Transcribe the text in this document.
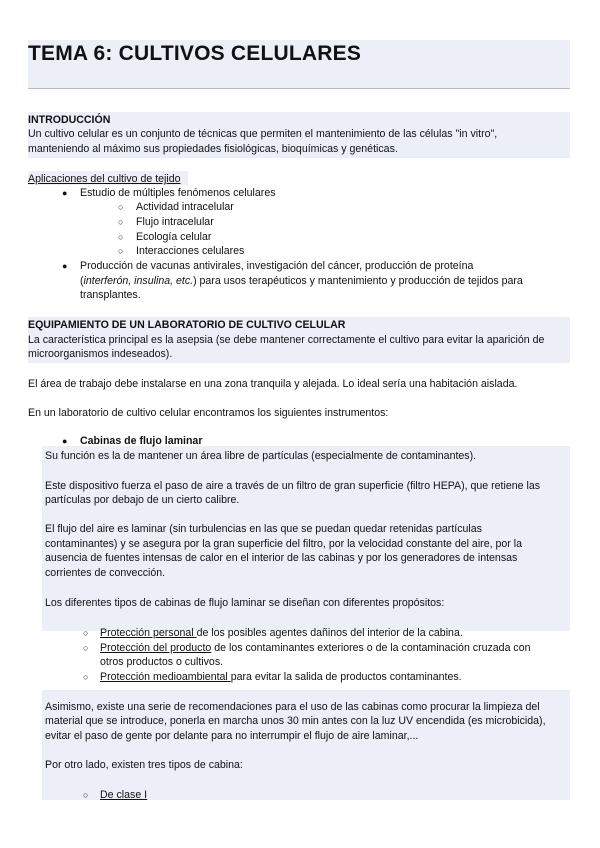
TEMA 6: CULTIVOS CELULARES
INTRODUCCIÓN
Un cultivo celular es un conjunto de técnicas que permiten el mantenimiento de las células "in vitro",
manteniendo al máximo sus propiedades fisiológicas, bioquímicas y genéticas.
Aplicaciones del cultivo de tejido
● Estudio de múltiples fenómenos celulares
○ Actividad intracelular
○ Flujo intracelular
○ Ecología celular
○ Interacciones celulares
● Producción de vacunas antivirales, investigación del cáncer, producción de proteína
(interferón, insulina, etc.) para usos terapéuticos y mantenimiento y producción de tejidos para
transplantes.
EQUIPAMIENTO DE UN LABORATORIO DE CULTIVO CELULAR
La característica principal es la asepsia (se debe mantener correctamente el cultivo para evitar la aparición de
microorganismos indeseados).
El área de trabajo debe instalarse en una zona tranquila y alejada. Lo ideal sería una habitación aislada.
En un laboratorio de cultivo celular encontramos los siguientes instrumentos:
● Cabinas de flujo laminar
Su función es la de mantener un área libre de partículas (especialmente de contaminantes).
Este dispositivo fuerza el paso de aire a través de un filtro de gran superficie (filtro HEPA), que retiene las
partículas por debajo de un cierto calibre.
El flujo del aire es laminar (sin turbulencias en las que se puedan quedar retenidas partículas
contaminantes) y se asegura por la gran superficie del filtro, por la velocidad constante del aire, por la
ausencia de fuentes intensas de calor en el interior de las cabinas y por los generadores de intensas
corrientes de convección.
Los diferentes tipos de cabinas de flujo laminar se diseñan con diferentes propósitos:
○ Protección personal de los posibles agentes dañinos del interior de la cabina.
○ Protección del producto de los contaminantes exteriores o de la contaminación cruzada con
otros productos o cultivos.
○ Protección medioambiental para evitar la salida de productos contaminantes.
Asimismo, existe una serie de recomendaciones para el uso de las cabinas como procurar la limpieza del
material que se introduce, ponerla en marcha unos 30 min antes con la luz UV encendida (es microbicida),
evitar el paso de gente por delante para no interrumpir el flujo de aire laminar,...
Por otro lado, existen tres tipos de cabina:
○ De clase I
